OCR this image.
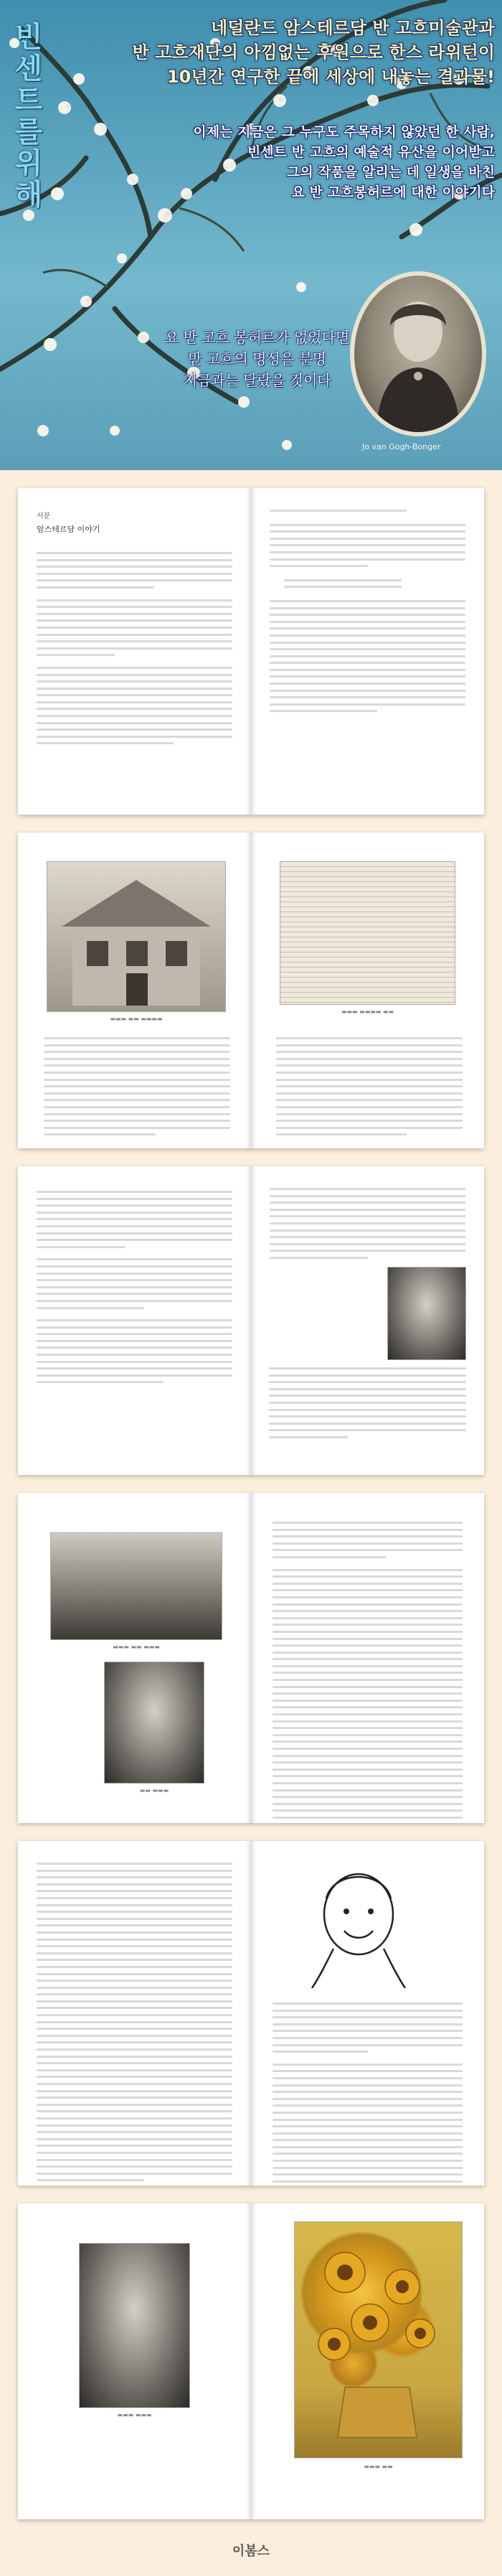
빈센트를위해
네덜란드 암스테르담 반 고흐미술관과
반 고흐재단의 아낌없는 후원으로 한스 라위턴이
10년간 연구한 끝에 세상에 내놓는 결과물!
이제는 지금은 그 누구도 주목하지 않았던 한 사람,
빈센트 반 고흐의 예술적 유산을 이어받고
그의 작품을 알리는 데 일생을 바친
요 반 고흐봉허르에 대한 이야기다
요 반 고흐 봉허르가 없었다면
반 고흐의 명성은 분명
지금과는 달랐을 것이다
Jo van Gogh-Bonger
서문
암스테르담 이야기
▬▬▬ ▬▬ ▬▬▬▬
▬▬▬ ▬▬▬▬ ▬▬
▬▬▬ ▬▬ ▬▬▬
▬▬ ▬▬▬
▬▬▬ ▬▬▬
▬▬▬ ▬▬
이봄스
